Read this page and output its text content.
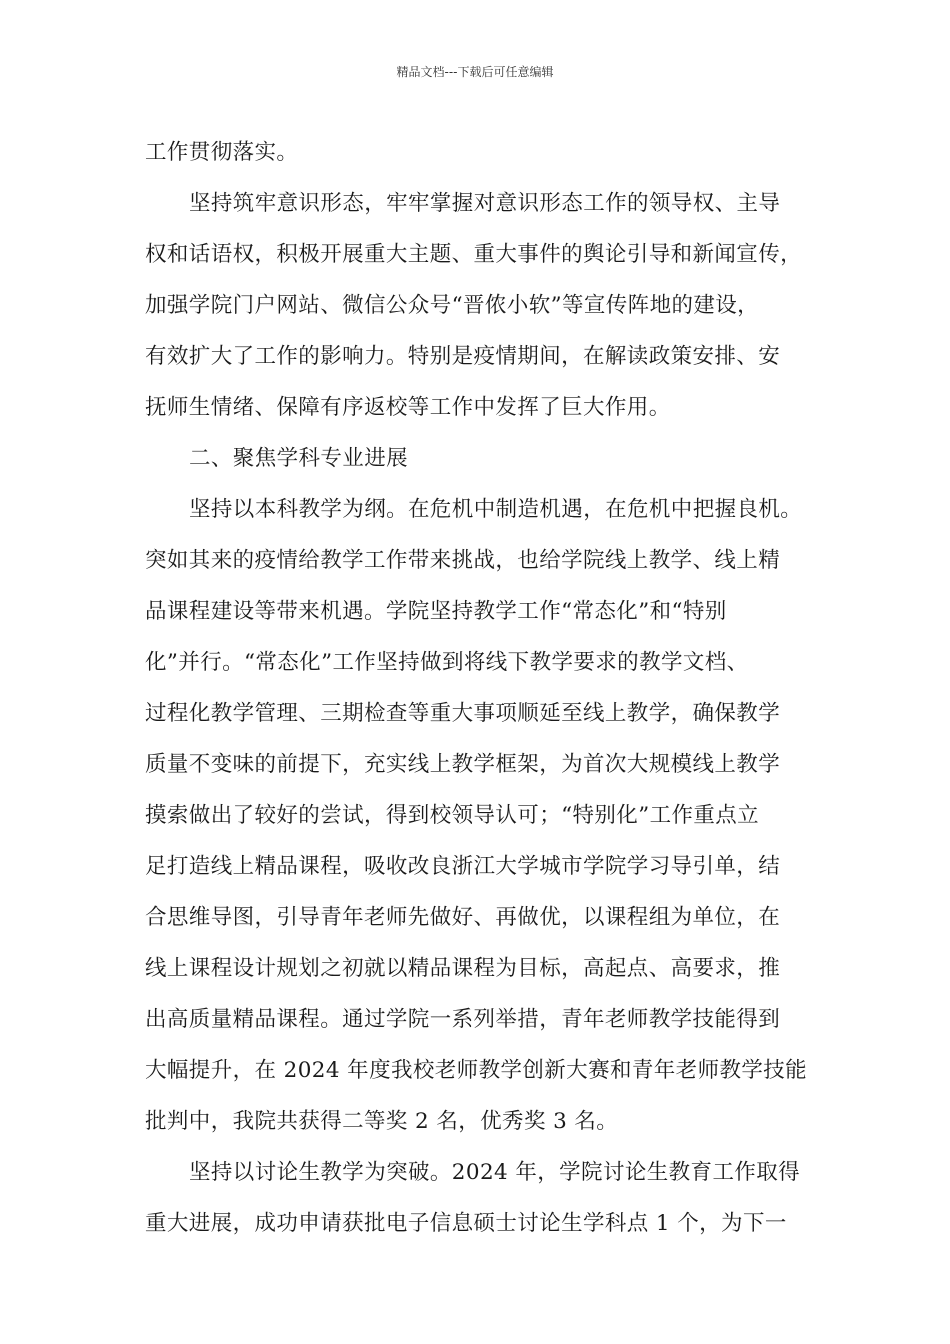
精品文档---下载后可任意编辑
工作贯彻落实。
坚持筑牢意识形态，牢牢掌握对意识形态工作的领导权、主导
权和话语权，积极开展重大主题、重大事件的舆论引导和新闻宣传，
加强学院门户网站、微信公众号“晋侬小软”等宣传阵地的建设，
有效扩大了工作的影响力。特别是疫情期间，在解读政策安排、安
抚师生情绪、保障有序返校等工作中发挥了巨大作用。
二、聚焦学科专业进展
坚持以本科教学为纲。在危机中制造机遇，在危机中把握良机。
突如其来的疫情给教学工作带来挑战，也给学院线上教学、线上精
品课程建设等带来机遇。学院坚持教学工作“常态化”和“特别
化”并行。“常态化”工作坚持做到将线下教学要求的教学文档、
过程化教学管理、三期检查等重大事项顺延至线上教学，确保教学
质量不变味的前提下，充实线上教学框架，为首次大规模线上教学
摸索做出了较好的尝试，得到校领导认可；“特别化”工作重点立
足打造线上精品课程，吸收改良浙江大学城市学院学习导引单，结
合思维导图，引导青年老师先做好、再做优，以课程组为单位，在
线上课程设计规划之初就以精品课程为目标，高起点、高要求，推
出高质量精品课程。通过学院一系列举措，青年老师教学技能得到
大幅提升，在 2024 年度我校老师教学创新大赛和青年老师教学技能
批判中，我院共获得二等奖 2 名，优秀奖 3 名。
坚持以讨论生教学为突破。2024 年，学院讨论生教育工作取得
重大进展，成功申请获批电子信息硕士讨论生学科点 1 个，为下一
